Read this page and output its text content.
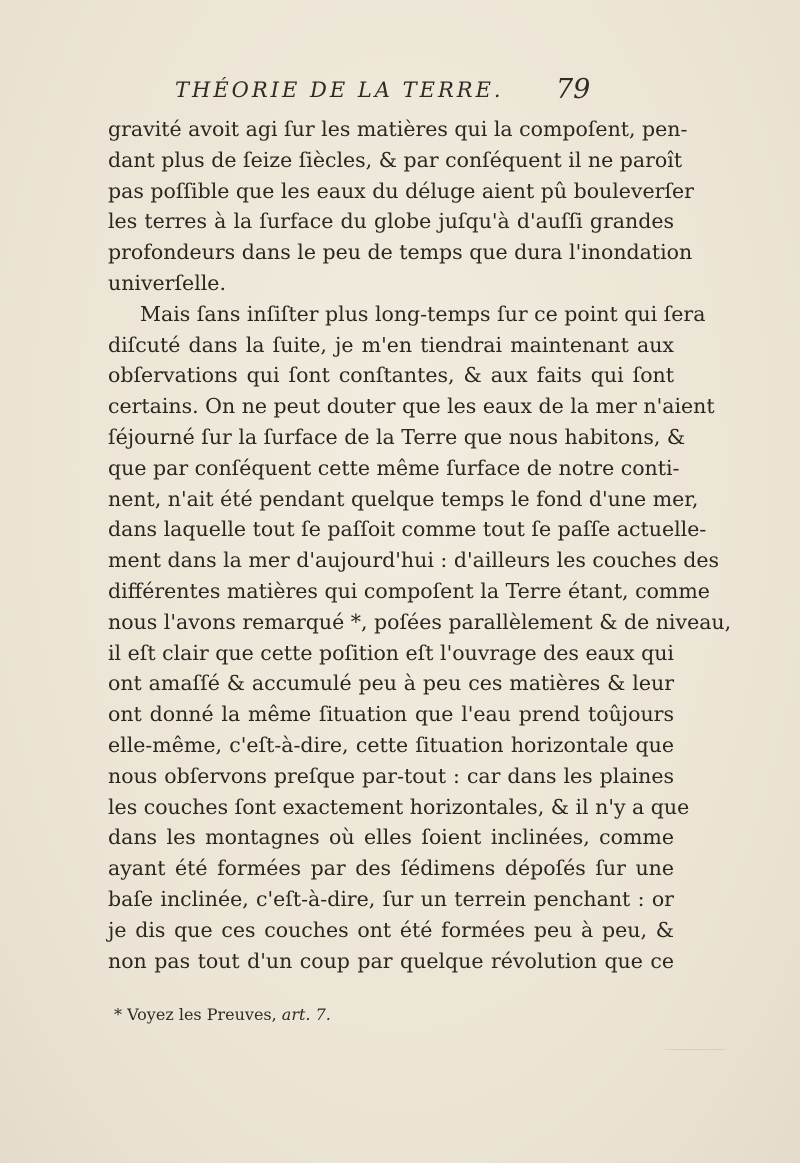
THÉORIE DE LA TERRE. 79
gravité avoit agi ſur les matières qui la compoſent, pen-
dant plus de ſeize ſiècles, & par conſéquent il ne paroît
pas poſſible que les eaux du déluge aient pû bouleverſer
les terres à la ſurface du globe juſqu'à d'auſſi grandes
profondeurs dans le peu de temps que dura l'inondation
univerſelle.
Mais ſans inſiſter plus long-temps ſur ce point qui ſera
diſcuté dans la ſuite, je m'en tiendrai maintenant aux
obſervations qui ſont conſtantes, & aux faits qui ſont
certains. On ne peut douter que les eaux de la mer n'aient
ſéjourné ſur la ſurface de la Terre que nous habitons, &
que par conſéquent cette même ſurface de notre conti-
nent, n'ait été pendant quelque temps le fond d'une mer,
dans laquelle tout ſe paſſoit comme tout ſe paſſe actuelle-
ment dans la mer d'aujourd'hui : d'ailleurs les couches des
différentes matières qui compoſent la Terre étant, comme
nous l'avons remarqué *, poſées parallèlement & de niveau,
il eſt clair que cette poſition eſt l'ouvrage des eaux qui
ont amaſſé & accumulé peu à peu ces matières & leur
ont donné la même ſituation que l'eau prend toûjours
elle-même, c'eſt-à-dire, cette ſituation horizontale que
nous obſervons preſque par-tout : car dans les plaines
les couches ſont exactement horizontales, & il n'y a que
dans les montagnes où elles ſoient inclinées, comme
ayant été formées par des ſédimens dépoſés ſur une
baſe inclinée, c'eſt-à-dire, ſur un terrein penchant : or
je dis que ces couches ont été formées peu à peu, &
non pas tout d'un coup par quelque révolution que ce
* Voyez les Preuves, art. 7.
